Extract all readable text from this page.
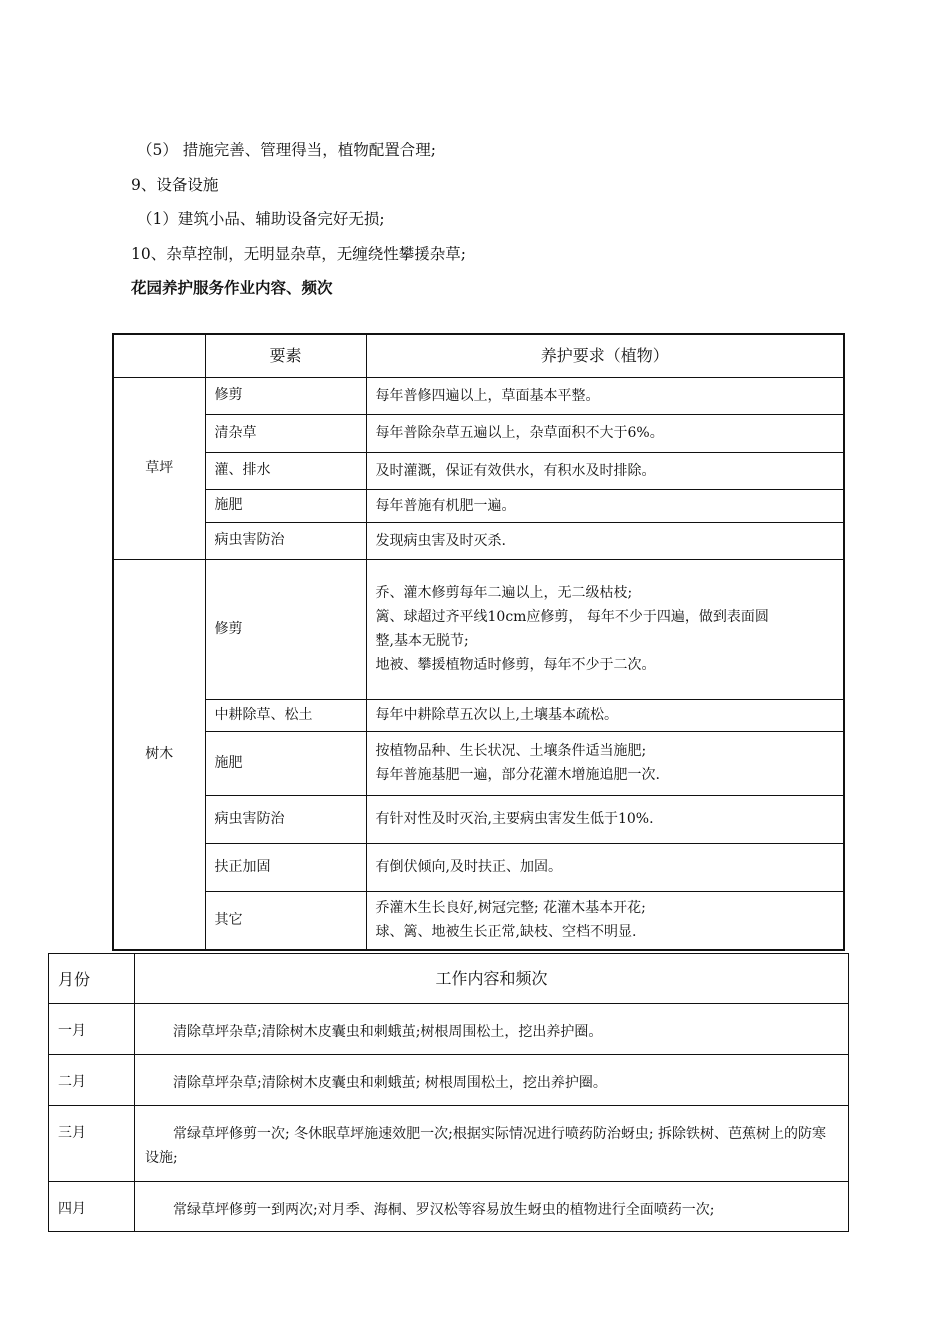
（5） 措施完善、管理得当，植物配置合理;
9、设备设施
（1）建筑小品、辅助设备完好无损;
10、杂草控制，无明显杂草，无缠绕性攀援杂草;
花园养护服务作业内容、频次
	要素	养护要求（植物）
草坪	修剪	每年普修四遍以上，草面基本平整。

	清杂草	每年普除杂草五遍以上，杂草面积不大于6%。

	灌、排水	及时灌溉，保证有效供水，有积水及时排除。

	施肥	每年普施有机肥一遍。

	病虫害防治	发现病虫害及时灭杀.

树木	修剪	乔、灌木修剪每年二遍以上，无二级枯枝;
篱、球超过齐平线10cm应修剪， 每年不少于四遍，做到表面圆
整,基本无脱节;
地被、攀援植物适时修剪，每年不少于二次。

	中耕除草、松土	每年中耕除草五次以上,土壤基本疏松。

	施肥	按植物品种、生长状况、土壤条件适当施肥;
每年普施基肥一遍，部分花灌木增施追肥一次.

	病虫害防治	有针对性及时灭治,主要病虫害发生低于10%.

	扶正加固	有倒伏倾向,及时扶正、加固。

	其它	乔灌木生长良好,树冠完整; 花灌木基本开花;
球、篱、地被生长正常,缺枝、空档不明显.
月份	工作内容和频次
一月	清除草坪杂草;清除树木皮囊虫和刺蛾茧;树根周围松土，挖出养护圈。

二月	清除草坪杂草;清除树木皮囊虫和刺蛾茧; 树根周围松土，挖出养护圈。

三月	常绿草坪修剪一次; 冬休眠草坪施速效肥一次;根据实际情况进行喷药防治蚜虫; 拆除铁树、芭蕉树上的防寒设施;

四月	常绿草坪修剪一到两次;对月季、海桐、罗汉松等容易放生蚜虫的植物进行全面喷药一次;
